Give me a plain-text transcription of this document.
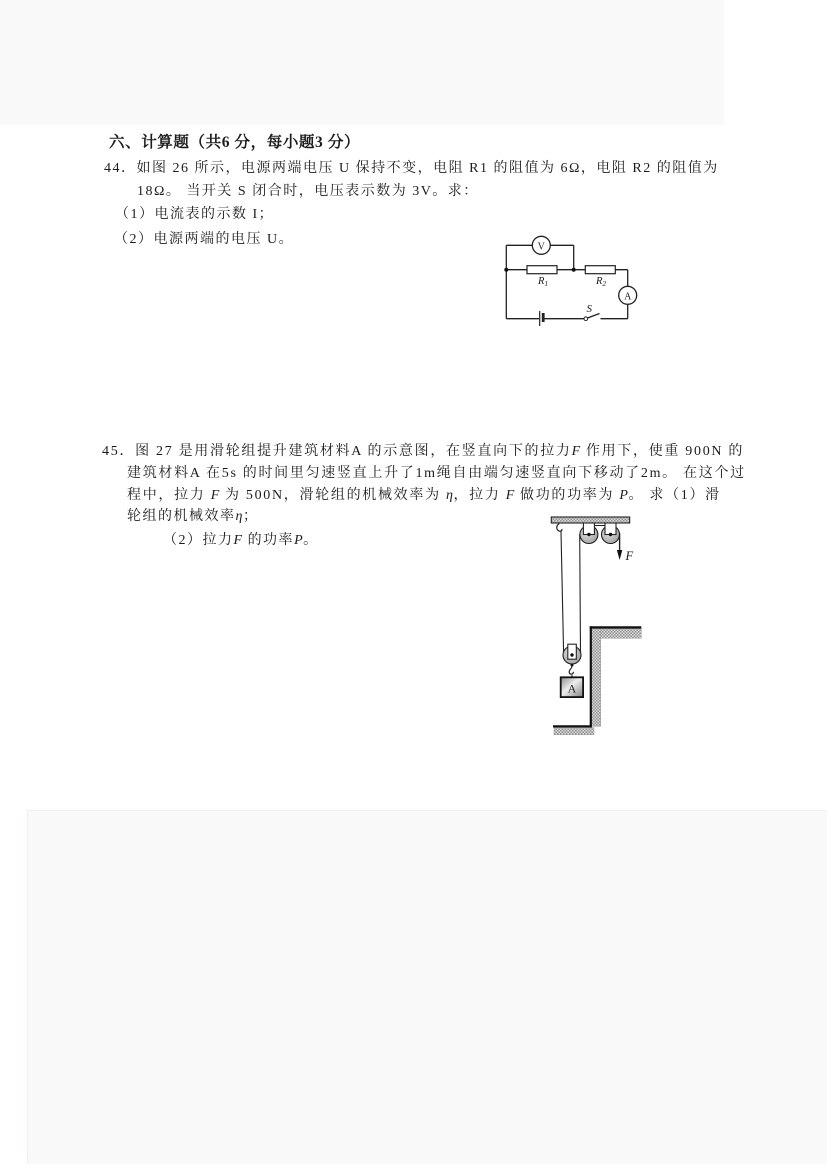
六、计算题（共6 分，每小题3 分）
44．如图 26 所示，电源两端电压 U 保持不变，电阻 R1 的阻值为 6Ω，电阻 R2 的阻值为
18Ω。 当开关 S 闭合时，电压表示数为 3V。求：
（1）电流表的示数 I；
（2）电源两端的电压 U。	V
A
R1	R2
S
45．图 27 是用滑轮组提升建筑材料A 的示意图，在竖直向下的拉力F 作用下，使重 900N 的
建筑材料A 在5s 的时间里匀速竖直上升了1m绳自由端匀速竖直向下移动了2m。 在这个过
程中，拉力 F 为 500N，滑轮组的机械效率为 η，拉力 F 做功的功率为 P。 求（1）滑
轮组的机械效率η；
（2）拉力F 的功率P。
F
A
